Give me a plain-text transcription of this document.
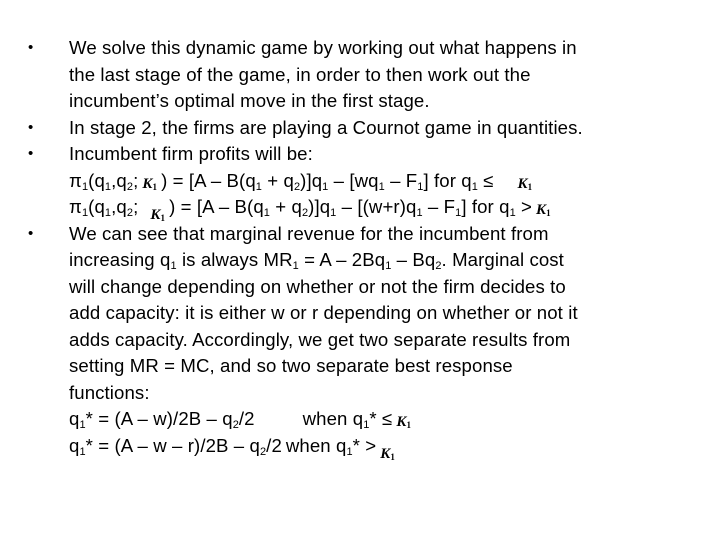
• We solve this dynamic game by working out what happens in
the last stage of the game, in order to then work out the
incumbent’s optimal move in the first stage.
• In stage 2, the firms are playing a Cournot game in quantities.
• Incumbent firm profits will be:
$\pi_1(q_1,q_2$; $K_1$ ) = $[A - B(q_1 + q_2)]q_1 - [wq_1 - F_1]$ for $q_1 \le K_1$
$\pi_1(q_1,q_2$; $K_1) = [A - B(q_1 + q_2)]q_1 - [(w+r)q_1 - F_1]$ for $q_1 > K_1$
• We can see that marginal revenue for the incumbent from
increasing $q_1$ is always $MR_1 = A - 2Bq_1 - Bq_2$. Marginal cost
will change depending on whether or not the firm decides to
add capacity: it is either w or r depending on whether or not it
adds capacity. Accordingly, we get two separate results from
setting MR = MC, and so two separate best response
functions:
$q_1* = (A - w)/2B - q_2/2$	when $q_1* \le K_1$
$q_1* = (A - w - r)/2B - q_2/2$ when $q_1* > K_1$
